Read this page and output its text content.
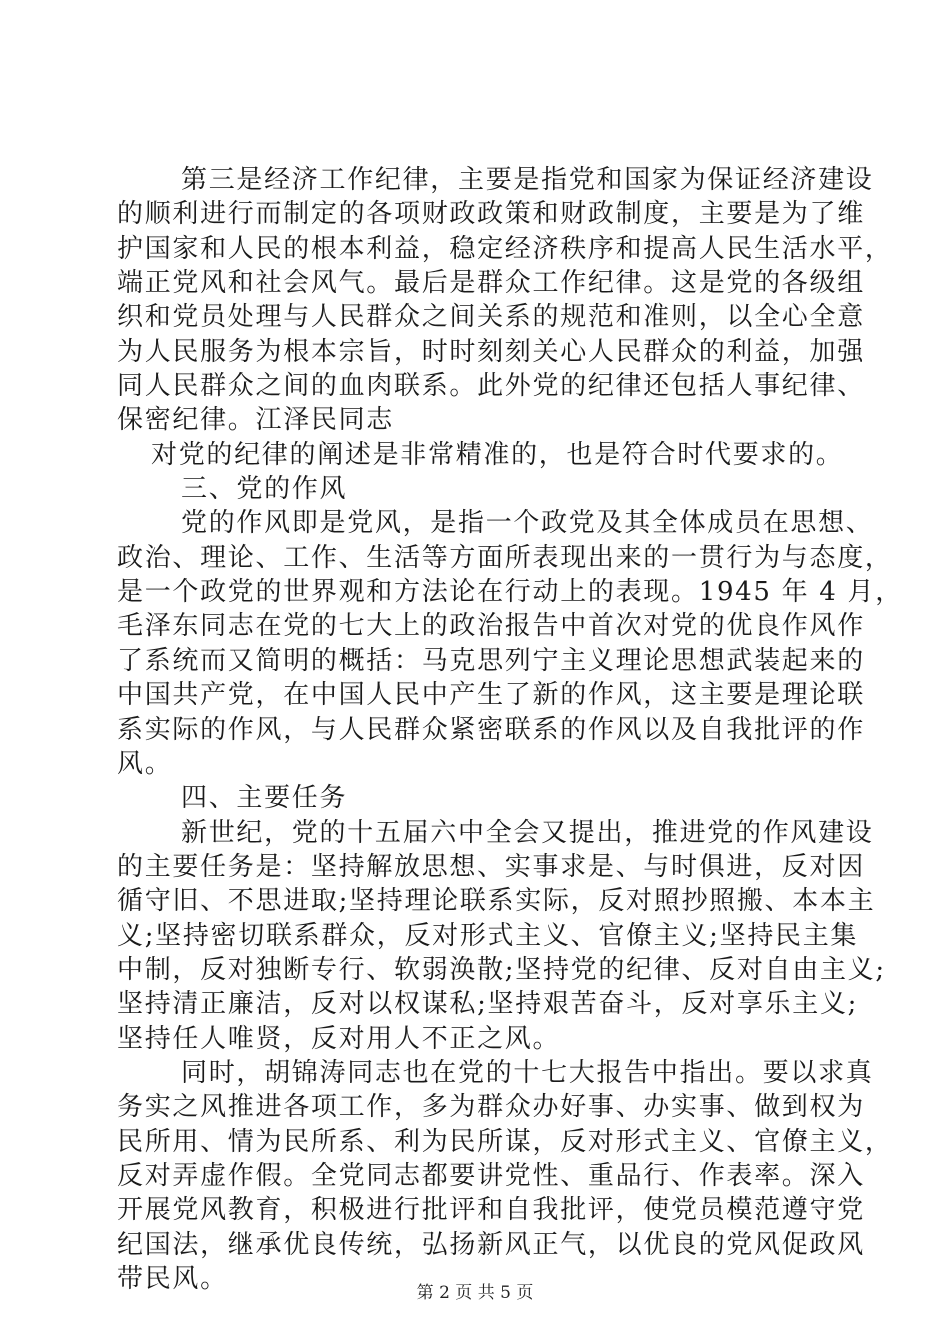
第三是经济工作纪律，主要是指党和国家为保证经济建设
的顺利进行而制定的各项财政政策和财政制度，主要是为了维
护国家和人民的根本利益，稳定经济秩序和提高人民生活水平，
端正党风和社会风气。最后是群众工作纪律。这是党的各级组
织和党员处理与人民群众之间关系的规范和准则，以全心全意
为人民服务为根本宗旨，时时刻刻关心人民群众的利益，加强
同人民群众之间的血肉联系。此外党的纪律还包括人事纪律、
保密纪律。江泽民同志
对党的纪律的阐述是非常精准的，也是符合时代要求的。
三、党的作风
党的作风即是党风，是指一个政党及其全体成员在思想、
政治、理论、工作、生活等方面所表现出来的一贯行为与态度，
是一个政党的世界观和方法论在行动上的表现。1945 年 4 月，
毛泽东同志在党的七大上的政治报告中首次对党的优良作风作
了系统而又简明的概括：马克思列宁主义理论思想武装起来的
中国共产党，在中国人民中产生了新的作风，这主要是理论联
系实际的作风，与人民群众紧密联系的作风以及自我批评的作
风。
四、主要任务
新世纪，党的十五届六中全会又提出，推进党的作风建设
的主要任务是：坚持解放思想、实事求是、与时俱进，反对因
循守旧、不思进取;坚持理论联系实际，反对照抄照搬、本本主
义;坚持密切联系群众，反对形式主义、官僚主义;坚持民主集
中制，反对独断专行、软弱涣散;坚持党的纪律、反对自由主义;
坚持清正廉洁，反对以权谋私;坚持艰苦奋斗，反对享乐主义;
坚持任人唯贤，反对用人不正之风。
同时，胡锦涛同志也在党的十七大报告中指出。要以求真
务实之风推进各项工作，多为群众办好事、办实事、做到权为
民所用、情为民所系、利为民所谋，反对形式主义、官僚主义，
反对弄虚作假。全党同志都要讲党性、重品行、作表率。深入
开展党风教育，积极进行批评和自我批评，使党员模范遵守党
纪国法，继承优良传统，弘扬新风正气，以优良的党风促政风
带民风。	第 2 页 共 5 页
